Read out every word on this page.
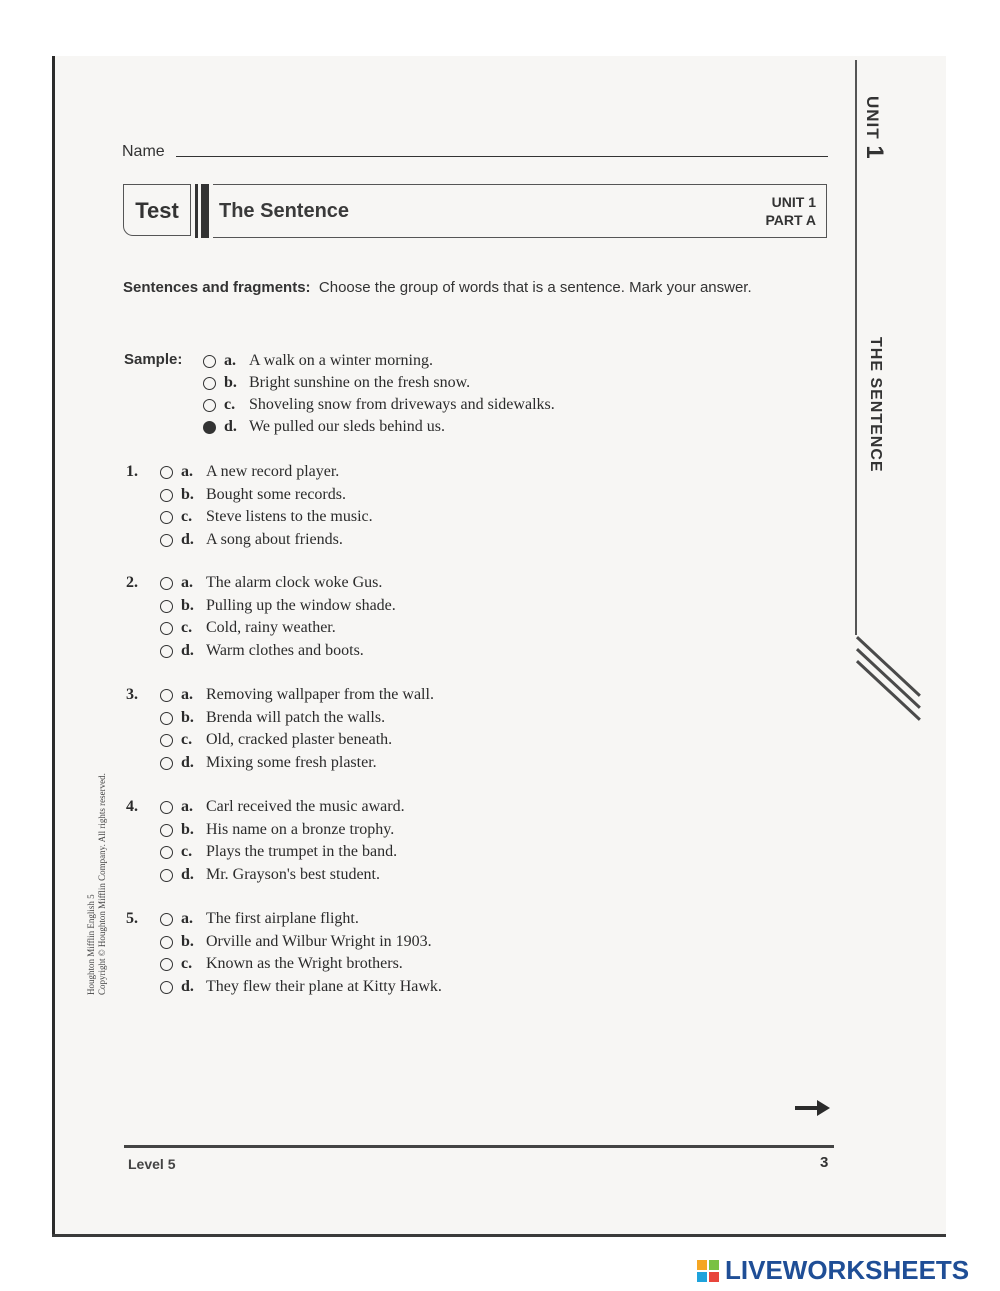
Name
Test	The Sentence	UNIT 1
PART A
Sentences and fragments: Choose the group of words that is a sentence. Mark your answer.
Sample:	a. A walk on a winter morning.
b. Bright sunshine on the fresh snow.
c. Shoveling snow from driveways and sidewalks.
d. We pulled our sleds behind us.
1.	a. A new record player.
b. Bought some records.
c. Steve listens to the music.
d. A song about friends.
2.	a. The alarm clock woke Gus.
b. Pulling up the window shade.
c. Cold, rainy weather.
d. Warm clothes and boots.
3.	a. Removing wallpaper from the wall.
b. Brenda will patch the walls.
c. Old, cracked plaster beneath.
d. Mixing some fresh plaster.
4.	a. Carl received the music award.
b. His name on a bronze trophy.
c. Plays the trumpet in the band.
d. Mr. Grayson's best student.
5.	a. The first airplane flight.
b. Orville and Wilbur Wright in 1903.
c. Known as the Wright brothers.
d. They flew their plane at Kitty Hawk.
Houghton Mifflin English 5 Copyright © Houghton Mifflin Company. All rights reserved.
UNIT 1
THE SENTENCE
Level 5	3
LIVEWORKSHEETS
